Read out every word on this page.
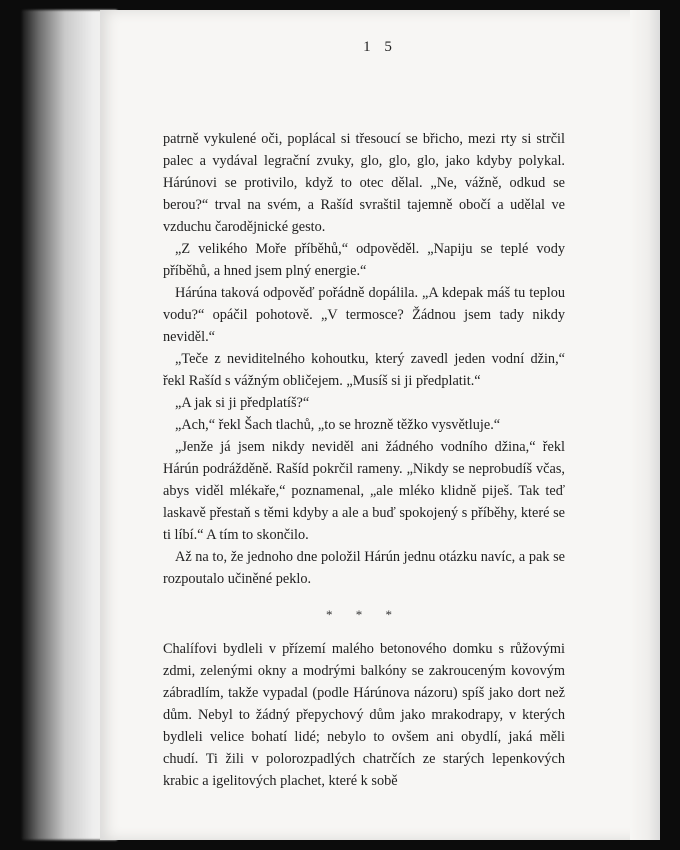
1 5

patrně vykulené oči, poplácal si třesoucí se břicho, mezi rty si strčil palec a vydával legrační zvuky, glo, glo, glo, jako kdyby polykal. Hárúnovi se protivilo, když to otec dělal. „Ne, vážně, odkud se berou?“ trval na svém, a Rašíd svraštil tajemně obočí a udělal ve vzduchu čarodějnické gesto.

„Z velikého Moře příběhů,“ odpověděl. „Napiju se teplé vody příběhů, a hned jsem plný energie.“

Hárúna taková odpověď pořádně dopálila. „A kdepak máš tu teplou vodu?“ opáčil pohotově. „V termosce? Žádnou jsem tady nikdy neviděl.“

„Teče z neviditelného kohoutku, který zavedl jeden vodní džin,“ řekl Rašíd s vážným obličejem. „Musíš si ji předplatit.“

„A jak si ji předplatíš?“

„Ach,“ řekl Šach tlachů, „to se hrozně těžko vysvětluje.“

„Jenže já jsem nikdy neviděl ani žádného vodního džina,“ řekl Hárún podrážděně. Rašíd pokrčil rameny. „Nikdy se neprobudíš včas, abys viděl mlékaře,“ poznamenal, „ale mléko klidně piješ. Tak teď laskavě přestaň s těmi kdyby a ale a buď spokojený s příběhy, které se ti líbí.“ A tím to skončilo.

Až na to, že jednoho dne položil Hárún jednu otázku navíc, a pak se rozpoutalo učiněné peklo.

* * *

Chalífovi bydleli v přízemí malého betonového domku s růžovými zdmi, zelenými okny a modrými balkóny se zakrouceným kovovým zábradlím, takže vypadal (podle Hárúnova názoru) spíš jako dort než dům. Nebyl to žádný přepychový dům jako mrakodrapy, v kterých bydleli velice bohatí lidé; nebylo to ovšem ani obydlí, jaká měli chudí. Ti žili v polorozpadlých chatrčích ze starých lepenkových krabic a igelitových plachet, které k sobě
